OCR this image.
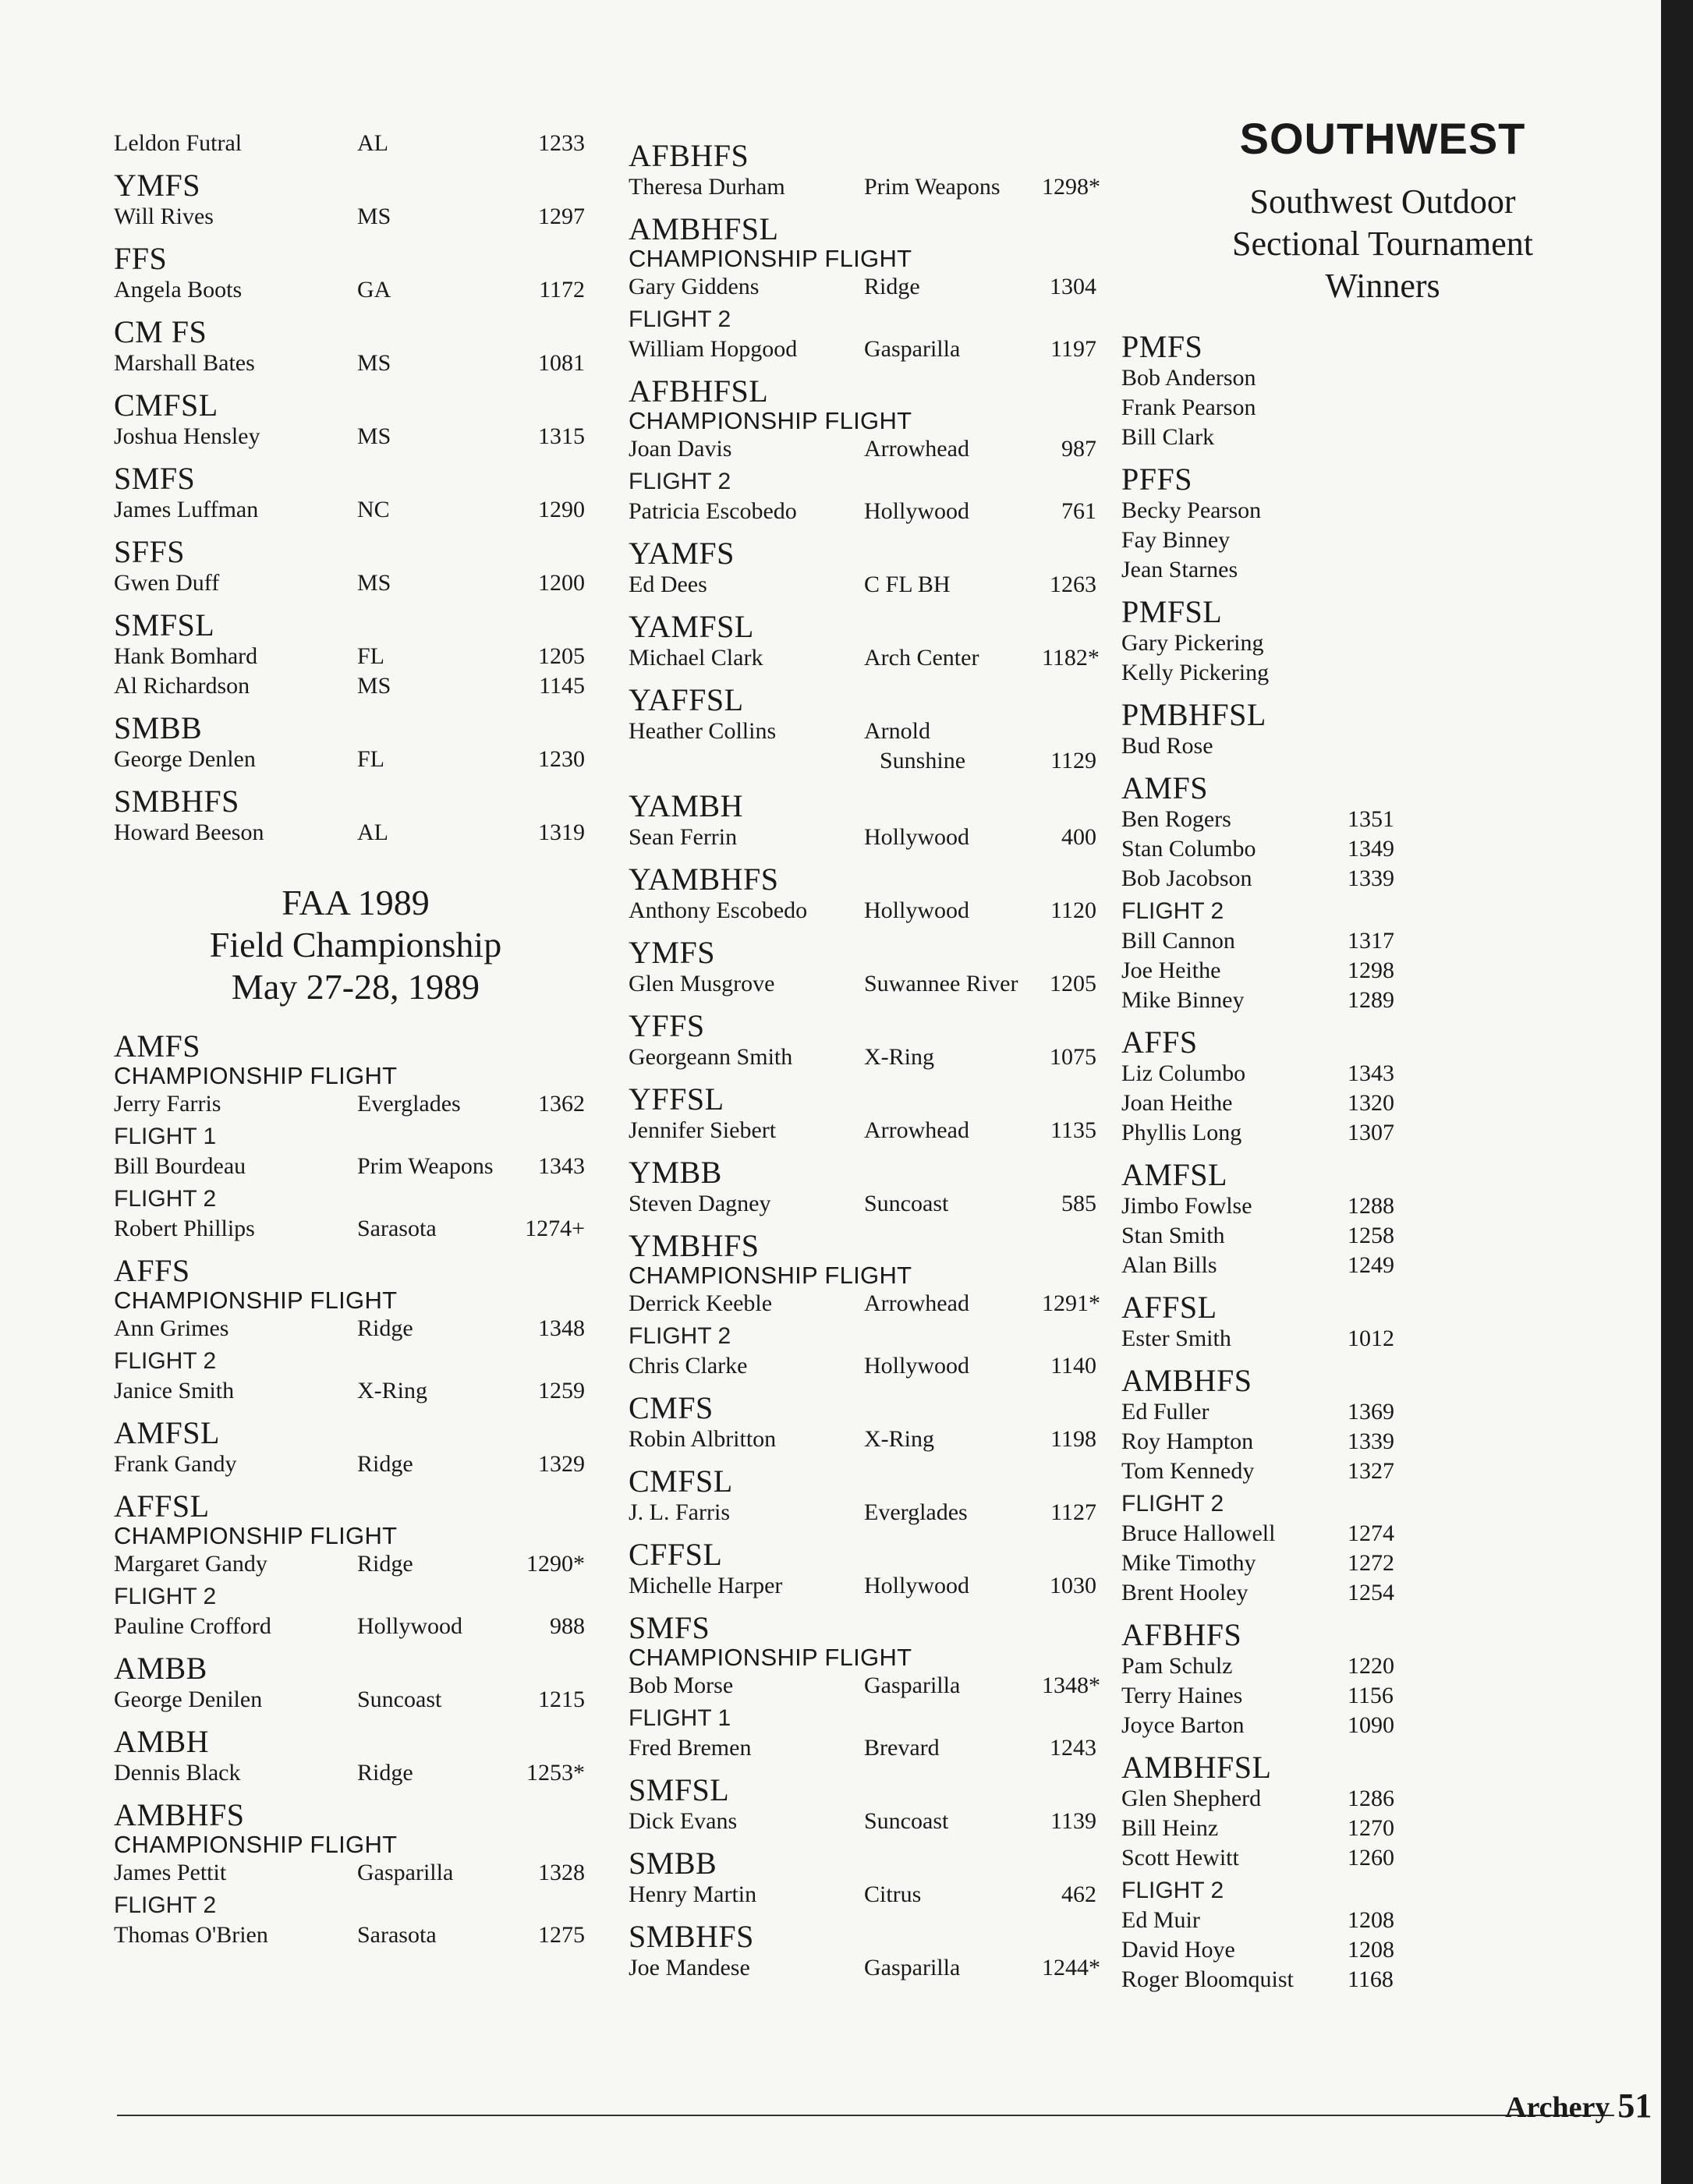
Leldon Futral	AL	1233
YMFS
Will Rives	MS	1297
FFS
Angela Boots	GA	1172
CM FS
Marshall Bates	MS	1081
CMFSL
Joshua Hensley	MS	1315
SMFS
James Luffman	NC	1290
SFFS
Gwen Duff	MS	1200
SMFSL
Hank Bomhard	FL	1205
Al Richardson	MS	1145
SMBB
George Denlen	FL	1230
SMBHFS
Howard Beeson	AL	1319
FAA 1989
Field Championship
May 27-28, 1989
AMFS
CHAMPIONSHIP FLIGHT
Jerry Farris	Everglades	1362
FLIGHT 1
Bill Bourdeau	Prim Weapons	1343
FLIGHT 2
Robert Phillips	Sarasota	1274+
AFFS
CHAMPIONSHIP FLIGHT
Ann Grimes	Ridge	1348
FLIGHT 2
Janice Smith	X-Ring	1259
AMFSL
Frank Gandy	Ridge	1329
AFFSL
CHAMPIONSHIP FLIGHT
Margaret Gandy	Ridge	1290*
FLIGHT 2
Pauline Crofford	Hollywood	988
AMBB
George Denilen	Suncoast	1215
AMBH
Dennis Black	Ridge	1253*
AMBHFS
CHAMPIONSHIP FLIGHT
James Pettit	Gasparilla	1328
FLIGHT 2
Thomas O'Brien	Sarasota	1275
AFBHFS
Theresa Durham	Prim Weapons	1298*
AMBHFSL
CHAMPIONSHIP FLIGHT
Gary Giddens	Ridge	1304
FLIGHT 2
William Hopgood	Gasparilla	1197
AFBHFSL
CHAMPIONSHIP FLIGHT
Joan Davis	Arrowhead	987
FLIGHT 2
Patricia Escobedo	Hollywood	761
YAMFS
Ed Dees	C FL BH	1263
YAMFSL
Michael Clark	Arch Center	1182*
YAFFSL
Heather Collins	Arnold
Sunshine	1129
YAMBH
Sean Ferrin	Hollywood	400
YAMBHFS
Anthony Escobedo	Hollywood	1120
YMFS
Glen Musgrove	Suwannee River	1205
YFFS
Georgeann Smith	X-Ring	1075
YFFSL
Jennifer Siebert	Arrowhead	1135
YMBB
Steven Dagney	Suncoast	585
YMBHFS
CHAMPIONSHIP FLIGHT
Derrick Keeble	Arrowhead	1291*
FLIGHT 2
Chris Clarke	Hollywood	1140
CMFS
Robin Albritton	X-Ring	1198
CMFSL
J. L. Farris	Everglades	1127
CFFSL
Michelle Harper	Hollywood	1030
SMFS
CHAMPIONSHIP FLIGHT
Bob Morse	Gasparilla	1348*
FLIGHT 1
Fred Bremen	Brevard	1243
SMFSL
Dick Evans	Suncoast	1139
SMBB
Henry Martin	Citrus	462
SMBHFS
Joe Mandese	Gasparilla	1244*
SOUTHWEST
Southwest Outdoor
Sectional Tournament
Winners
PMFS
Bob Anderson
Frank Pearson
Bill Clark
PFFS
Becky Pearson
Fay Binney
Jean Starnes
PMFSL
Gary Pickering
Kelly Pickering
PMBHFSL
Bud Rose
AMFS
Ben Rogers	1351
Stan Columbo	1349
Bob Jacobson	1339
FLIGHT 2
Bill Cannon	1317
Joe Heithe	1298
Mike Binney	1289
AFFS
Liz Columbo	1343
Joan Heithe	1320
Phyllis Long	1307
AMFSL
Jimbo Fowlse	1288
Stan Smith	1258
Alan Bills	1249
AFFSL
Ester Smith	1012
AMBHFS
Ed Fuller	1369
Roy Hampton	1339
Tom Kennedy	1327
FLIGHT 2
Bruce Hallowell	1274
Mike Timothy	1272
Brent Hooley	1254
AFBHFS
Pam Schulz	1220
Terry Haines	1156
Joyce Barton	1090
AMBHFSL
Glen Shepherd	1286
Bill Heinz	1270
Scott Hewitt	1260
FLIGHT 2
Ed Muir	1208
David Hoye	1208
Roger Bloomquist	1168
Archery 51
